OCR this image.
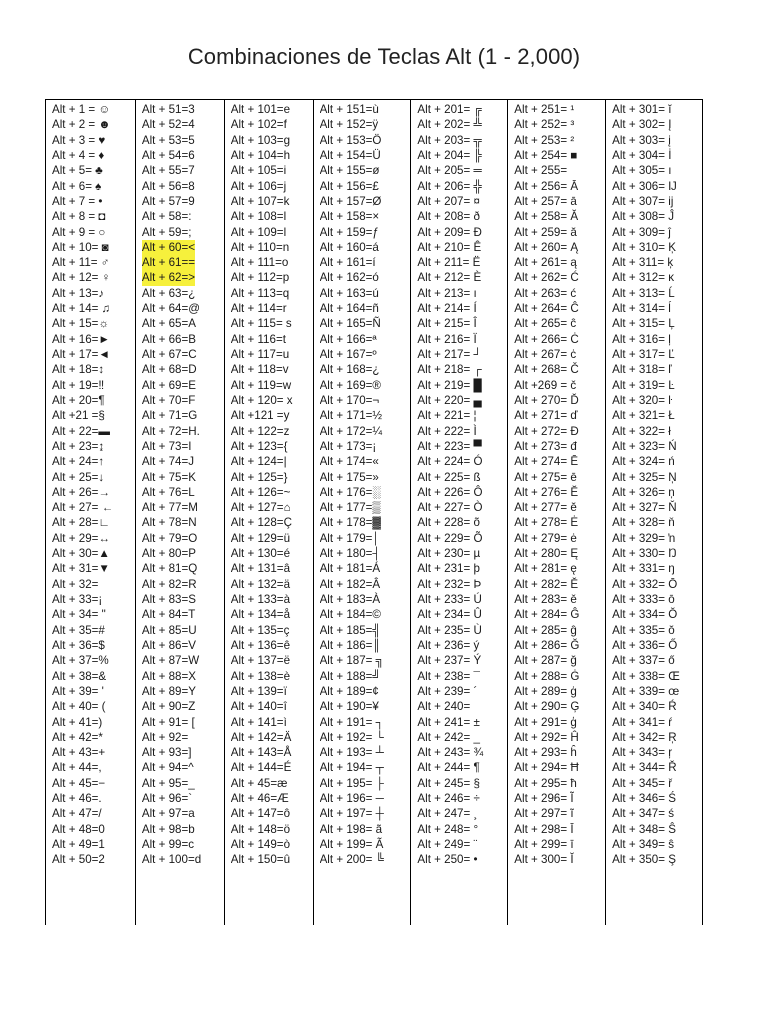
Combinaciones de Teclas Alt (1 - 2,000)
Alt + 1 = ☺
Alt + 2 = ☻
Alt + 3 = ♥
Alt + 4 = ♦
Alt + 5= ♣
Alt + 6= ♠
Alt + 7 = •
Alt + 8 = ◘
Alt + 9 = ○
Alt + 10= ◙
Alt + 11= ♂
Alt + 12= ♀
Alt + 13=♪
Alt + 14= ♫
Alt + 15=☼
Alt + 16=►
Alt + 17=◄
Alt + 18=↕
Alt + 19=‼
Alt + 20=¶
Alt +21 =§
Alt + 22=▬
Alt + 23=↨
Alt + 24=↑
Alt + 25=↓
Alt + 26=→
Alt + 27= ←
Alt + 28=∟
Alt + 29=↔
Alt + 30=▲
Alt + 31=▼
Alt + 32=
Alt + 33=¡
Alt + 34= "
Alt + 35=#
Alt + 36=$
Alt + 37=%
Alt + 38=&
Alt + 39= '
Alt + 40= (
Alt + 41=)
Alt + 42=*
Alt + 43=+
Alt + 44=,
Alt + 45=−
Alt + 46=.
Alt + 47=/
Alt + 48=0
Alt + 49=1
Alt + 50=2
Alt + 51=3
Alt + 52=4
Alt + 53=5
Alt + 54=6
Alt + 55=7
Alt + 56=8
Alt + 57=9
Alt + 58=:
Alt + 59=;
Alt + 60=<
Alt + 61==
Alt + 62=>
Alt + 63=¿
Alt + 64=@
Alt + 65=A
Alt + 66=B
Alt + 67=C
Alt + 68=D
Alt + 69=E
Alt + 70=F
Alt + 71=G
Alt + 72=H.
Alt + 73=I
Alt + 74=J
Alt + 75=K
Alt + 76=L
Alt + 77=M
Alt + 78=N
Alt + 79=O
Alt + 80=P
Alt + 81=Q
Alt + 82=R
Alt + 83=S
Alt + 84=T
Alt + 85=U
Alt + 86=V
Alt + 87=W
Alt + 88=X
Alt + 89=Y
Alt + 90=Z
Alt + 91= [
Alt + 92=
Alt + 93=]
Alt + 94=^
Alt + 95=_
Alt + 96=`
Alt + 97=a
Alt + 98=b
Alt + 99=c
Alt + 100=d
Alt + 101=e
Alt + 102=f
Alt + 103=g
Alt + 104=h
Alt + 105=i
Alt + 106=j
Alt + 107=k
Alt + 108=l
Alt + 109=l
Alt + 110=n
Alt + 111=o
Alt + 112=p
Alt + 113=q
Alt + 114=r
Alt + 115= s
Alt + 116=t
Alt + 117=u
Alt + 118=v
Alt + 119=w
Alt + 120= x
Alt +121 =y
Alt + 122=z
Alt + 123={
Alt + 124=|
Alt + 125=}
Alt + 126=~
Alt + 127=⌂
Alt + 128=Ç
Alt + 129=ü
Alt + 130=é
Alt + 131=â
Alt + 132=ä
Alt + 133=à
Alt + 134=å
Alt + 135=ç
Alt + 136=ê
Alt + 137=ë
Alt + 138=è
Alt + 139=ï
Alt + 140=î
Alt + 141=ì
Alt + 142=Ä
Alt + 143=Å
Alt + 144=É
Alt + 45=æ
Alt + 46=Æ
Alt + 147=ô
Alt + 148=ö
Alt + 149=ò
Alt + 150=û
Alt + 151=ù
Alt + 152=ÿ
Alt + 153=Ö
Alt + 154=Ü
Alt + 155=ø
Alt + 156=£
Alt + 157=Ø
Alt + 158=×
Alt + 159=ƒ
Alt + 160=á
Alt + 161=í
Alt + 162=ó
Alt + 163=ú
Alt + 164=ñ
Alt + 165=Ñ
Alt + 166=ª
Alt + 167=º
Alt + 168=¿
Alt + 169=®
Alt + 170=¬
Alt + 171=½
Alt + 172=¼
Alt + 173=¡
Alt + 174=«
Alt + 175=»
Alt + 176=░
Alt + 177=▒
Alt + 178=▓
Alt + 179=│
Alt + 180=┤
Alt + 181=Á
Alt + 182=Â
Alt + 183=À
Alt + 184=©
Alt + 185=╣
Alt + 186=║
Alt + 187= ╗
Alt + 188=╝
Alt + 189=¢
Alt + 190=¥
Alt + 191= ┐
Alt + 192= └
Alt + 193= ┴
Alt + 194= ┬
Alt + 195= ├
Alt + 196= ─
Alt + 197= ┼
Alt + 198= ã
Alt + 199= Ã
Alt + 200= ╚
Alt + 201= ╔
Alt + 202= ╩
Alt + 203= ╦
Alt + 204= ╠
Alt + 205= ═
Alt + 206= ╬
Alt + 207= ¤
Alt + 208= ð
Alt + 209= Ð
Alt + 210= Ê
Alt + 211= Ë
Alt + 212= È
Alt + 213= ı
Alt + 214= Í
Alt + 215= Î
Alt + 216= Ï
Alt + 217= ┘
Alt + 218= ┌
Alt + 219= █
Alt + 220= ▄
Alt + 221= ¦
Alt + 222= Ì
Alt + 223= ▀
Alt + 224= Ó
Alt + 225= ß
Alt + 226= Ô
Alt + 227= Ò
Alt + 228= õ
Alt + 229= Õ
Alt + 230= µ
Alt + 231= þ
Alt + 232= Þ
Alt + 233= Ú
Alt + 234= Û
Alt + 235= Ù
Alt + 236= ý
Alt + 237= Ý
Alt + 238= ¯
Alt + 239= ´
Alt + 240=
Alt + 241= ±
Alt + 242= _
Alt + 243= ¾
Alt + 244= ¶
Alt + 245= §
Alt + 246= ÷
Alt + 247= ¸
Alt + 248= °
Alt + 249= ¨
Alt + 250= •
Alt + 251= ¹
Alt + 252= ³
Alt + 253= ²
Alt + 254= ■
Alt + 255=
Alt + 256= Ā
Alt + 257= ā
Alt + 258= Ă
Alt + 259= ă
Alt + 260= Ą
Alt + 261= ą
Alt + 262= Ć
Alt + 263= ć
Alt + 264= Ĉ
Alt + 265= ĉ
Alt + 266= Ċ
Alt + 267= ċ
Alt + 268= Č
Alt +269 = č
Alt + 270= Ď
Alt + 271= ď
Alt + 272= Đ
Alt + 273= đ
Alt + 274= Ē
Alt + 275= ē
Alt + 276= Ĕ
Alt + 277= ĕ
Alt + 278= Ė
Alt + 279= ė
Alt + 280= Ę
Alt + 281= ę
Alt + 282= Ě
Alt + 283= ě
Alt + 284= Ĝ
Alt + 285= ĝ
Alt + 286= Ğ
Alt + 287= ğ
Alt + 288= Ġ
Alt + 289= ġ
Alt + 290= Ģ
Alt + 291= ģ
Alt + 292= Ĥ
Alt + 293= ĥ
Alt + 294= Ħ
Alt + 295= ħ
Alt + 296= Ĩ
Alt + 297= ĩ
Alt + 298= Ī
Alt + 299= ī
Alt + 300= Ĭ
Alt + 301= ĭ
Alt + 302= Į
Alt + 303= į
Alt + 304= İ
Alt + 305= ı
Alt + 306= Ĳ
Alt + 307= ĳ
Alt + 308= Ĵ
Alt + 309= ĵ
Alt + 310= Ķ
Alt + 311= ķ
Alt + 312= ĸ
Alt + 313= Ĺ
Alt + 314= ĺ
Alt + 315= Ļ
Alt + 316= ļ
Alt + 317= Ľ
Alt + 318= ľ
Alt + 319= Ŀ
Alt + 320= ŀ
Alt + 321= Ł
Alt + 322= ł
Alt + 323= Ń
Alt + 324= ń
Alt + 325= Ņ
Alt + 326= ņ
Alt + 327= Ň
Alt + 328= ň
Alt + 329= ŉ
Alt + 330= Ŋ
Alt + 331= ŋ
Alt + 332= Ō
Alt + 333= ō
Alt + 334= Ŏ
Alt + 335= ŏ
Alt + 336= Ő
Alt + 337= ő
Alt + 338= Œ
Alt + 339= œ
Alt + 340= Ŕ
Alt + 341= ŕ
Alt + 342= Ŗ
Alt + 343= ŗ
Alt + 344= Ř
Alt + 345= ř
Alt + 346= Ś
Alt + 347= ś
Alt + 348= Ŝ
Alt + 349= ŝ
Alt + 350= Ş
